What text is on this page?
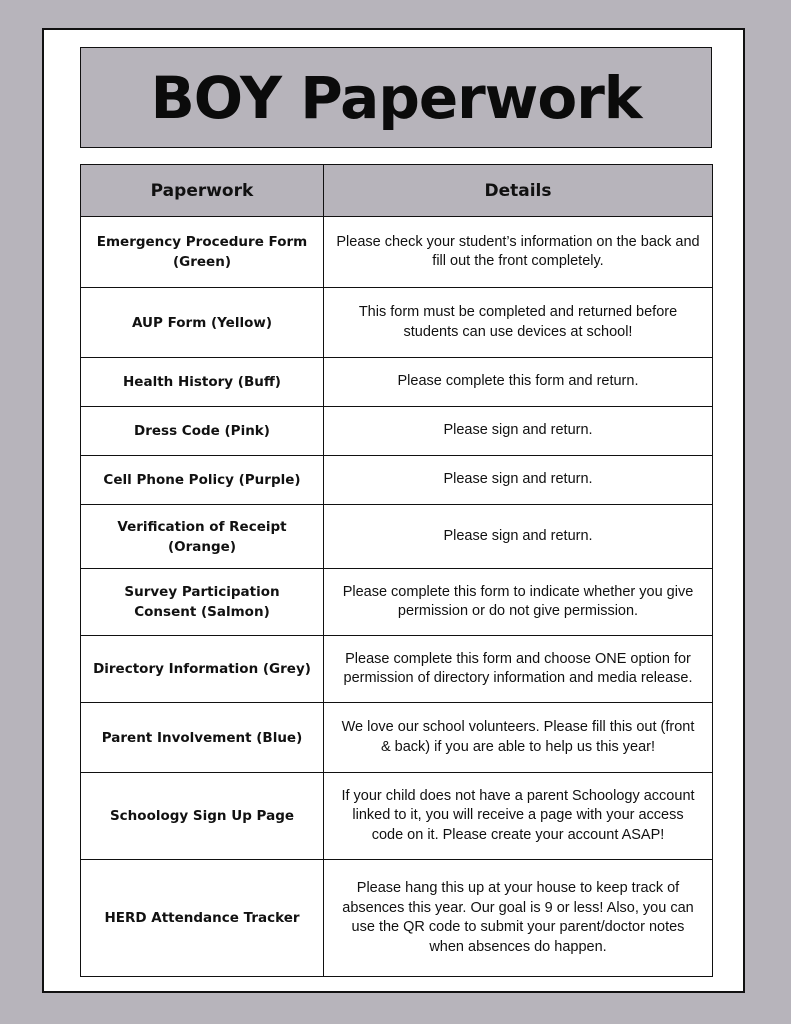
BOY Paperwork
Paperwork	Details
Emergency Procedure Form (Green)	Please check your student’s information on the back and fill out the front completely.
AUP Form (Yellow)	This form must be completed and returned before students can use devices at school!
Health History (Buff)	Please complete this form and return.
Dress Code (Pink)	Please sign and return.
Cell Phone Policy (Purple)	Please sign and return.
Verification of Receipt (Orange)	Please sign and return.
Survey Participation Consent (Salmon)	Please complete this form to indicate whether you give permission or do not give permission.
Directory Information (Grey)	Please complete this form and choose ONE option for permission of directory information and media release.
Parent Involvement (Blue)	We love our school volunteers. Please fill this out (front & back) if you are able to help us this year!
Schoology Sign Up Page	If your child does not have a parent Schoology account linked to it, you will receive a page with your access code on it. Please create your account ASAP!
HERD Attendance Tracker	Please hang this up at your house to keep track of absences this year. Our goal is 9 or less! Also, you can use the QR code to submit your parent/doctor notes when absences do happen.
